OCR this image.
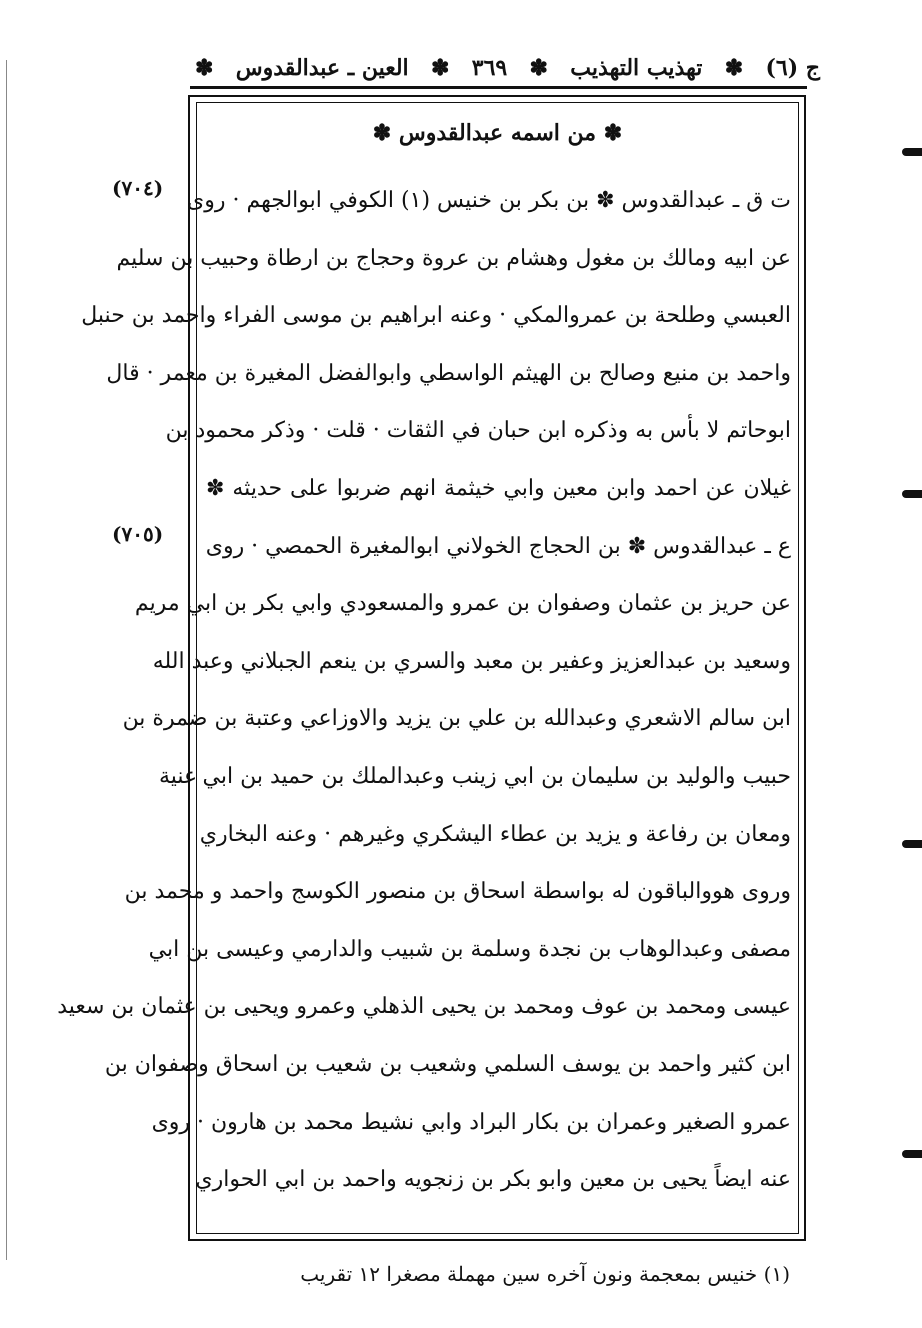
ج (٦)
✽
تهذيب التهذيب
✽
٣٦٩
✽
العين ـ عبدالقدوس
✽
✽ من اسمه عبدالقدوس ✽
(٧٠٤)
(٧٠٥)
ت ق ـ عبدالقدوس ✽ بن بكر بن خنيس (١) الكوفي ابوالجهم · روى
عن ابيه ومالك بن مغول وهشام بن عروة وحجاج بن ارطاة وحبيب بن سليم
العبسي وطلحة بن عمروالمكي · وعنه ابراهيم بن موسى الفراء واحمد بن حنبل
واحمد بن منيع وصالح بن الهيثم الواسطي وابوالفضل المغيرة بن معمر · قال
ابوحاتم لا بأس به وذكره ابن حبان في الثقات · قلت · وذكر محمود بن
غيلان عن احمد وابن معين وابي خيثمة انهم ضربوا على حديثه ✽
ع ـ عبدالقدوس ✽ بن الحجاج الخولاني ابوالمغيرة الحمصي · روى
عن حريز بن عثمان وصفوان بن عمرو والمسعودي وابي بكر بن ابي مريم
وسعيد بن عبدالعزيز وعفير بن معبد والسري بن ينعم الجبلاني وعبد الله
ابن سالم الاشعري وعبدالله بن علي بن يزيد والاوزاعي وعتبة بن ضمرة بن
حبيب والوليد بن سليمان بن ابي زينب وعبدالملك بن حميد بن ابي غنية
ومعان بن رفاعة و يزيد بن عطاء اليشكري وغيرهم · وعنه البخاري
وروى هووالباقون له بواسطة اسحاق بن منصور الكوسج واحمد و محمد بن
مصفى وعبدالوهاب بن نجدة وسلمة بن شبيب والدارمي وعيسى بن ابي
عيسى ومحمد بن عوف ومحمد بن يحيى الذهلي وعمرو ويحيى بن عثمان بن سعيد
ابن كثير واحمد بن يوسف السلمي وشعيب بن شعيب بن اسحاق وصفوان بن
عمرو الصغير وعمران بن بكار البراد وابي نشيط محمد بن هارون · روى
عنه ايضاً يحيى بن معين وابو بكر بن زنجويه واحمد بن ابي الحواري
(١) خنيس بمعجمة ونون آخره سين مهملة مصغرا ١٢ تقريب
